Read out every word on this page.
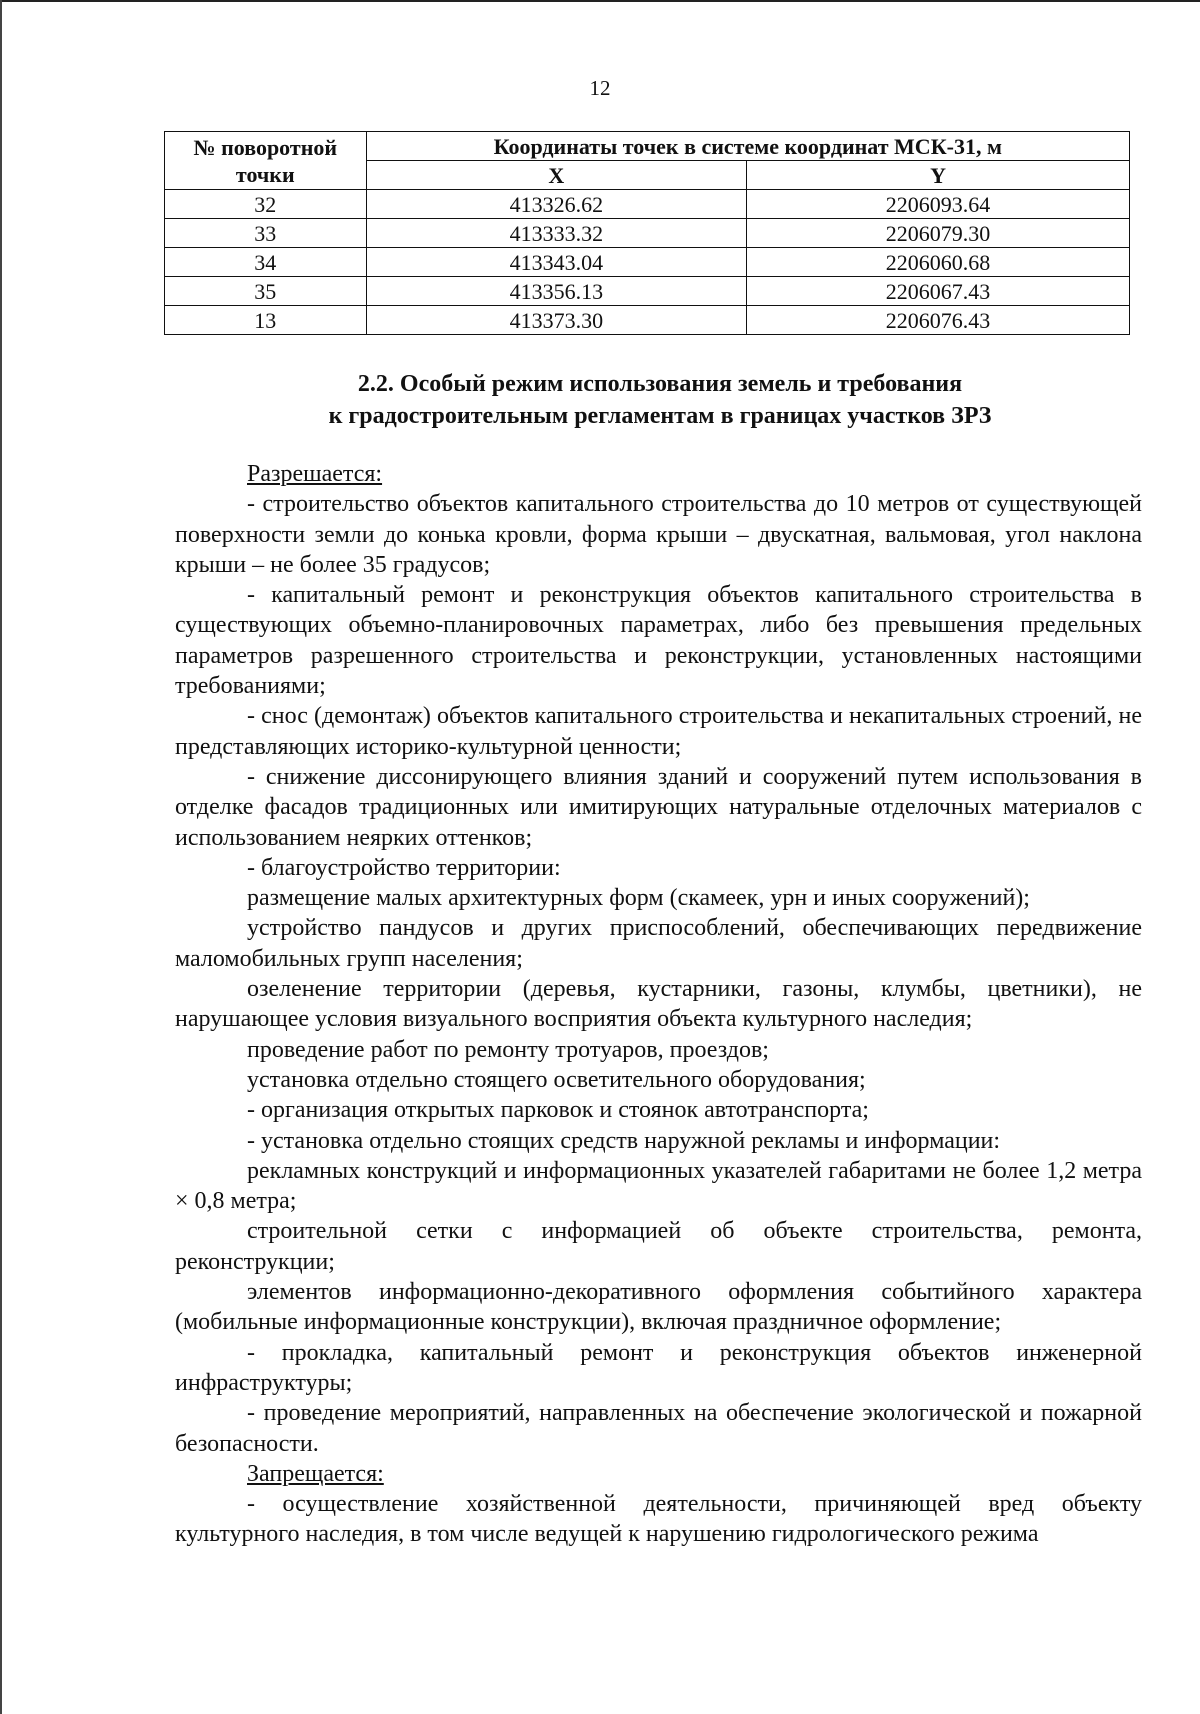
12
№ поворотной точки	Координаты точек в системе координат МСК-31, м	
	X	Y
32	413326.62	2206093.64
33	413333.32	2206079.30
34	413343.04	2206060.68
35	413356.13	2206067.43
13	413373.30	2206076.43
2.2. Особый режим использования земель и требования
к градостроительным регламентам в границах участков ЗРЗ

Разрешается:

- строительство объектов капитального строительства до 10 метров от существующей поверхности земли до конька кровли, форма крыши – двускатная, вальмовая, угол наклона крыши – не более 35 градусов;

- капитальный ремонт и реконструкция объектов капитального строительства в существующих объемно-планировочных параметрах, либо без превышения предельных параметров разрешенного строительства и реконструкции, установленных настоящими требованиями;

- снос (демонтаж) объектов капитального строительства и некапитальных строений, не представляющих историко-культурной ценности;

- снижение диссонирующего влияния зданий и сооружений путем использования в отделке фасадов традиционных или имитирующих натуральные отделочных материалов с использованием неярких оттенков;

- благоустройство территории:

размещение малых архитектурных форм (скамеек, урн и иных сооружений);

устройство пандусов и других приспособлений, обеспечивающих передвижение маломобильных групп населения;

озеленение территории (деревья, кустарники, газоны, клумбы, цветники), не нарушающее условия визуального восприятия объекта культурного наследия;

проведение работ по ремонту тротуаров, проездов;

установка отдельно стоящего осветительного оборудования;

- организация открытых парковок и стоянок автотранспорта;

- установка отдельно стоящих средств наружной рекламы и информации:

рекламных конструкций и информационных указателей габаритами не более 1,2 метра × 0,8 метра;

строительной сетки с информацией об объекте строительства, ремонта, реконструкции;

элементов информационно-декоративного оформления событийного характера (мобильные информационные конструкции), включая праздничное оформление;

- прокладка, капитальный ремонт и реконструкция объектов инженерной инфраструктуры;

- проведение мероприятий, направленных на обеспечение экологической и пожарной безопасности.

Запрещается:

- осуществление хозяйственной деятельности, причиняющей вред объекту культурного наследия, в том числе ведущей к нарушению гидрологического режима
